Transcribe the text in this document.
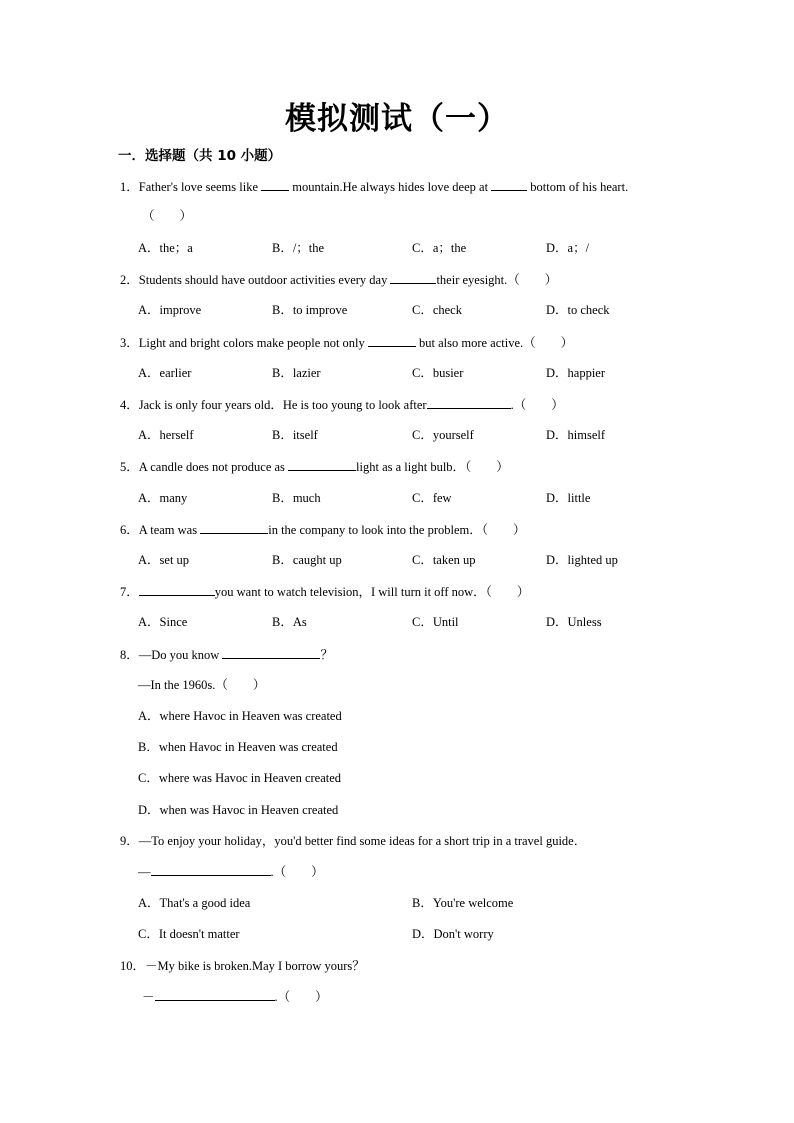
模拟测试（一）
一．选择题（共 10 小题）
1．Father's love seems like  mountain.He always hides love deep at	bottom of his heart.
（　　）
A．the；a	B．/；the	C．a；the	D．a；/
2．Students should have outdoor activities every day	their eyesight.（　　）
A．improve	B．to improve	C．check	D．to check
3．Light and bright colors make people not only	but also more active.（　　）
A．earlier	B．lazier	C．busier	D．happier
4．Jack is only four years old．He is too young to look after	.（　　）
A．herself	B．itself	C．yourself	D．himself
5．A candle does not produce as	light as a light bulb．（　　）
A．many	B．much	C．few	D．little
6．A team was	in the company to look into the problem．（　　）
A．set up	B．caught up	C．taken up	D．lighted up
7．	you want to watch television，I will turn it off now．（　　）
A．Since	B．As	C．Until	D．Unless
8．—Do you know	？
—In the 1960s.（　　）
A．where Havoc in Heaven was created
B．when Havoc in Heaven was created
C．where was Havoc in Heaven created
D．when was Havoc in Heaven created
9．—To enjoy your holiday，you'd better find some ideas for a short trip in a travel guide．
—	.（　　）
A．That's a good idea	B．You're welcome
C．It doesn't matter	D．Don't worry
10．－My bike is broken.May I borrow yours？
－	.（　　）
